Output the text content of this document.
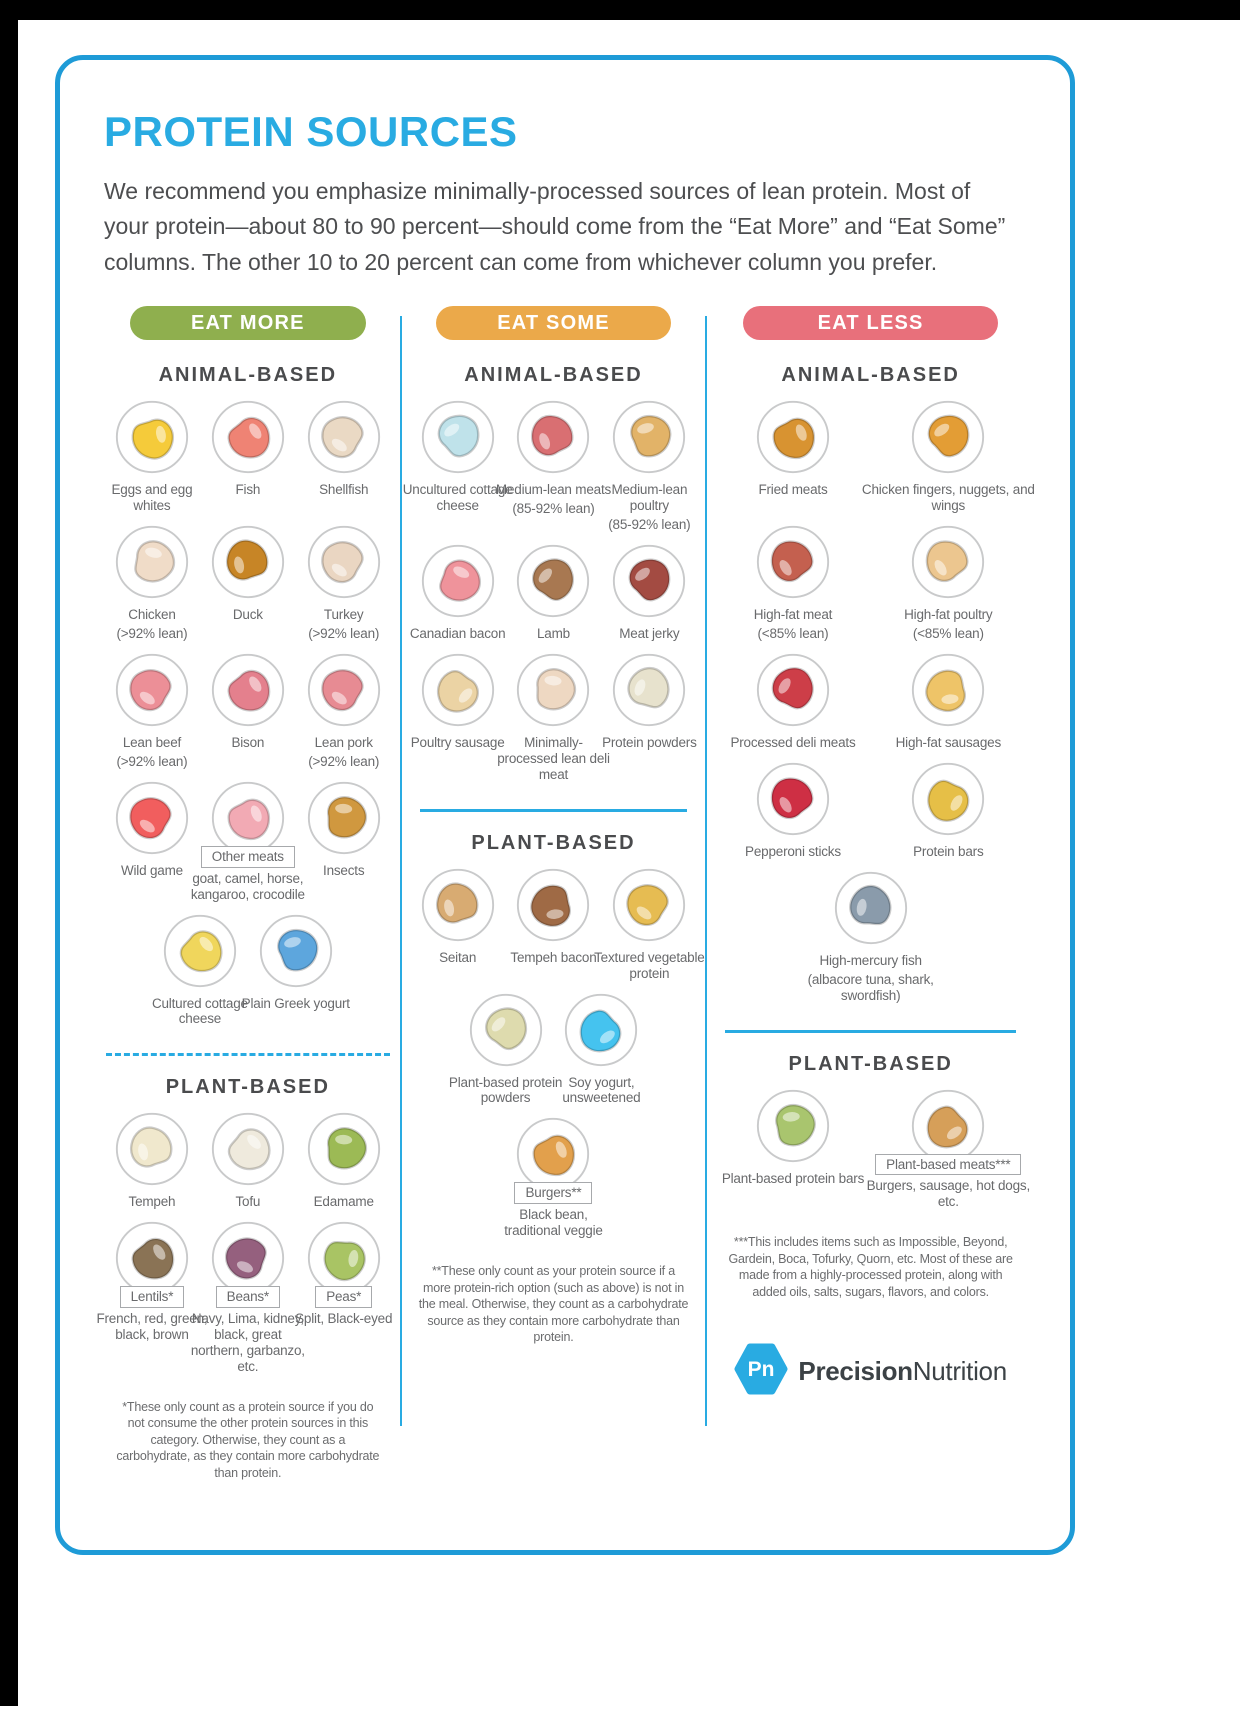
PROTEIN SOURCES
We recommend you emphasize minimally-processed sources of lean protein. Most of your protein—about 80 to 90 percent—should come from the “Eat More” and “Eat Some” columns. The other 10 to 20 percent can come from whichever column you prefer.
EAT MORE
ANIMAL-BASED
Eggs and egg whites
Fish	Shellfish
Chicken
(>92% lean)
Duck	Turkey
(>92% lean)
Lean beef
(>92% lean)
Bison	Lean pork
(>92% lean)
Wild game
Other meats
goat, camel, horse, kangaroo, crocodile
Insects
Cultured cottage cheese
Plain Greek yogurt
PLANT-BASED
Tempeh	Tofu	Edamame
Lentils*
French, red, green, black, brown
Beans*
Navy, Lima, kidney, black, great northern, garbanzo, etc.
Peas*
Split, Black-eyed
*These only count as a protein source if you do not consume the other protein sources in this category. Otherwise, they count as a carbohydrate, as they contain more carbohydrate than protein.
EAT SOME
ANIMAL-BASED
Uncultured cottage cheese
Medium-lean meats
(85-92% lean)
Medium-lean poultry
(85-92% lean)
Canadian bacon Lamb	Meat jerky
Poultry sausage	Minimally-processed lean deli meat
Protein powders
PLANT-BASED
Seitan	Tempeh bacon
Textured vegetable protein
Plant-based protein powders
Soy yogurt, unsweetened
Burgers**
Black bean, traditional veggie
**These only count as your protein source if a more protein-rich option (such as above) is not in the meal. Otherwise, they count as a carbohydrate source as they contain more carbohydrate than protein.
EAT LESS
ANIMAL-BASED
Fried meats	Chicken fingers, nuggets, and wings
High-fat meat
(<85% lean)
High-fat poultry
(<85% lean)
Processed deli meats	High-fat sausages
Pepperoni sticks	Protein bars
High-mercury fish
(albacore tuna, shark, swordfish)
PLANT-BASED
Plant-based protein bars
Plant-based meats***
Burgers, sausage, hot dogs, etc.
***This includes items such as Impossible, Beyond, Gardein, Boca, Tofurky, Quorn, etc. Most of these are made from a highly-processed protein, along with added oils, salts, sugars, flavors, and colors.
Pn PrecisionNutrition
